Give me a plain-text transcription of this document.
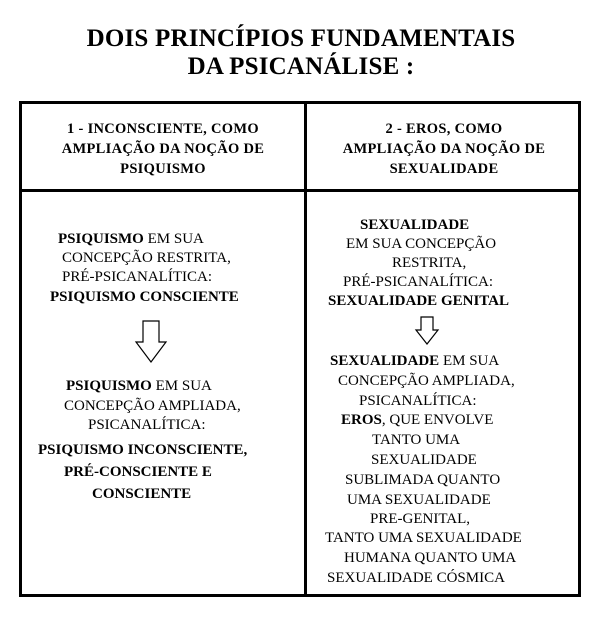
DOIS PRINCÍPIOS FUNDAMENTAIS
DA PSICANÁLISE :
1 - INCONSCIENTE, COMO
AMPLIAÇÃO DA NOÇÃO DE
PSIQUISMO
2 - EROS, COMO
AMPLIAÇÃO DA NOÇÃO DE
SEXUALIDADE
PSIQUISMO EM SUA
CONCEPÇÃO RESTRITA,
PRÉ-PSICANALÍTICA:
PSIQUISMO CONSCIENTE
PSIQUISMO EM SUA
CONCEPÇÃO AMPLIADA,
PSICANALÍTICA:
PSIQUISMO INCONSCIENTE,
PRÉ-CONSCIENTE E
CONSCIENTE
SEXUALIDADE
EM SUA CONCEPÇÃO
RESTRITA,
PRÉ-PSICANALÍTICA:
SEXUALIDADE GENITAL
SEXUALIDADE EM SUA
CONCEPÇÃO AMPLIADA,
PSICANALÍTICA:
EROS, QUE ENVOLVE
TANTO UMA
SEXUALIDADE
SUBLIMADA QUANTO
UMA SEXUALIDADE
PRE-GENITAL,
TANTO UMA SEXUALIDADE
HUMANA QUANTO UMA
SEXUALIDADE CÓSMICA
